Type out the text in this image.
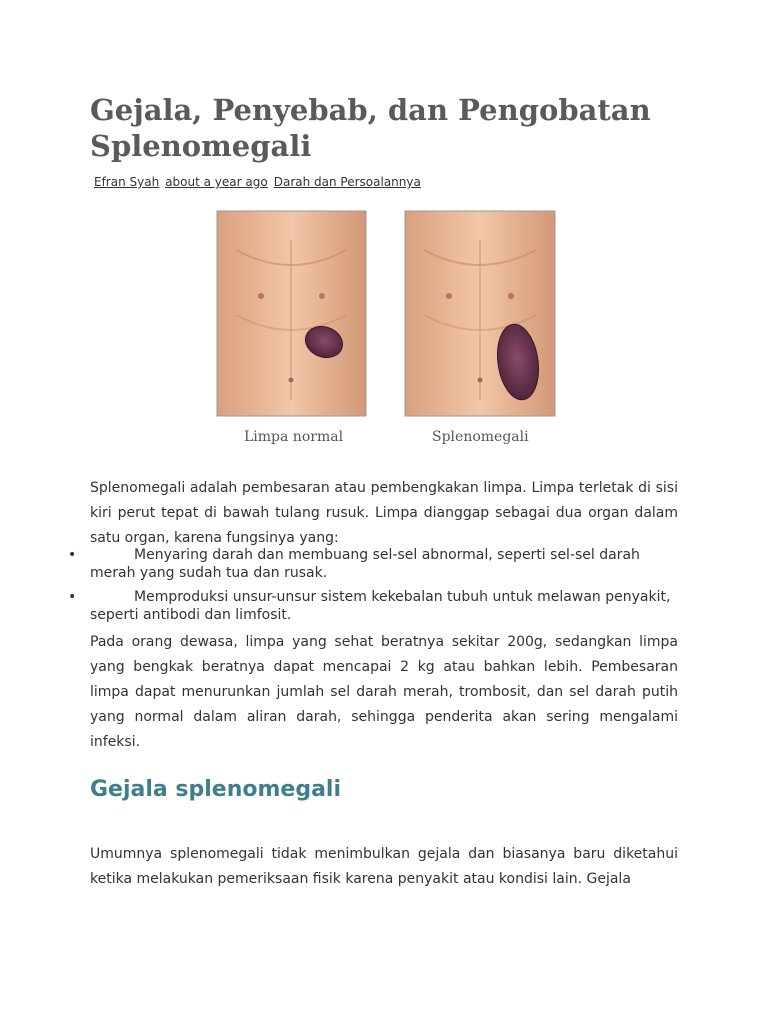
Gejala, Penyebab, dan Pengobatan Splenomegali
Efran Syah about a year ago Darah dan Persoalannya
Limpa normal	Splenomegali

Splenomegali adalah pembesaran atau pembengkakan limpa. Limpa terletak di sisi kiri perut tepat di bawah tulang rusuk. Limpa dianggap sebagai dua organ dalam satu organ, karena fungsinya yang:

•	Menyaring darah dan membuang sel-sel abnormal, seperti sel-sel darah merah yang sudah tua dan rusak.
•	Memproduksi unsur-unsur sistem kekebalan tubuh untuk melawan penyakit, seperti antibodi dan limfosit.

Pada orang dewasa, limpa yang sehat beratnya sekitar 200g, sedangkan limpa yang bengkak beratnya dapat mencapai 2 kg atau bahkan lebih. Pembesaran limpa dapat menurunkan jumlah sel darah merah, trombosit, dan sel darah putih yang normal dalam aliran darah, sehingga penderita akan sering mengalami infeksi.

Gejala splenomegali

Umumnya splenomegali tidak menimbulkan gejala dan biasanya baru diketahui ketika melakukan pemeriksaan fisik karena penyakit atau kondisi lain. Gejala
